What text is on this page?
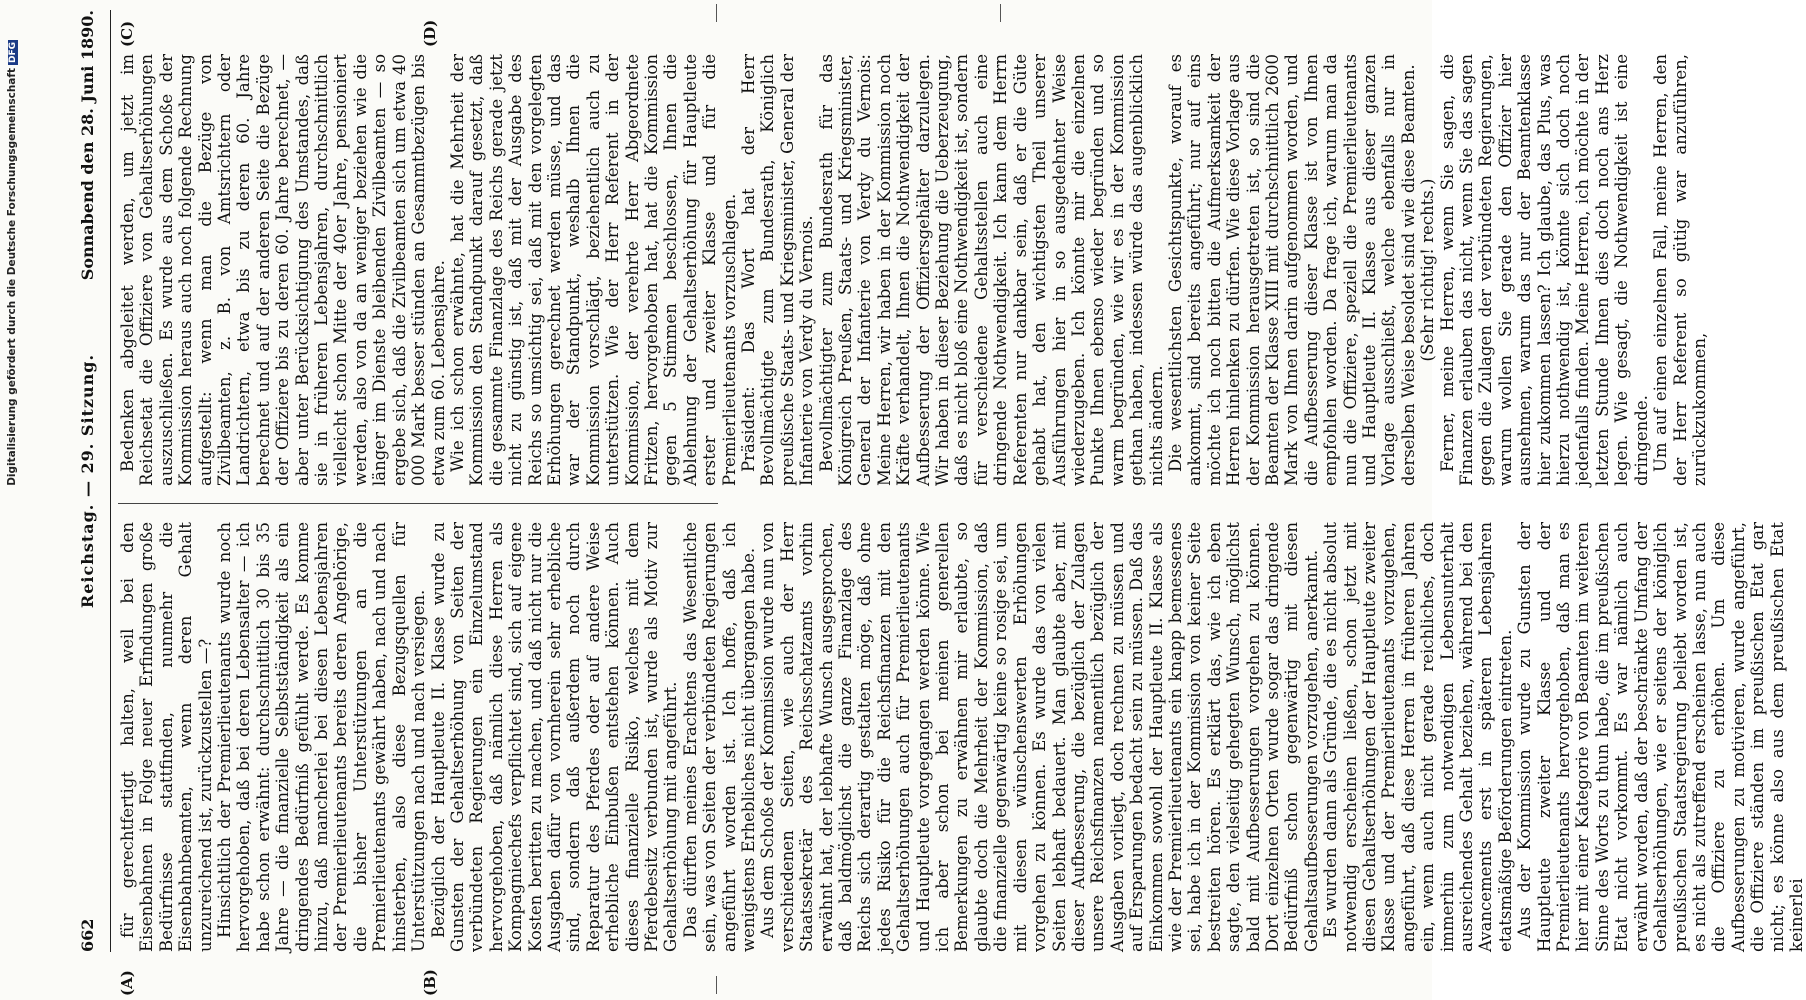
662
Reichstag. — 29. Sitzung.
Sonnabend den 28. Juni 1890.
(A)	(B)
(C)	(D)

für gerechtfertigt halten, weil bei den Eisenbahnen in Folge neuer Erfindungen große Bedürfnisse stattfinden, nunmehr die Eisenbahnbeamten, wenn deren Gehalt unzureichend ist, zurückzustellen —? Hinsichtlich der Premierlieutenants wurde noch hervorgehoben, daß bei deren Lebensalter — ich habe schon erwähnt: durchschnittlich 30 bis 35 Jahre — die finanzielle Selbstständigkeit als ein dringendes Bedürfniß gefühlt werde. Es komme hinzu, daß mancherlei bei diesen Lebensjahren der Premierlieutenants bereits deren Angehörige, die bisher Unterstützungen an die Premierlieutenants gewährt haben, nach und nach hinsterben, also diese Bezugsquellen für Unterstützungen nach und nach versiegen. Bezüglich der Hauptleute II. Klasse wurde zu Gunsten der Gehaltserhöhung von Seiten der verbündeten Regierungen ein Einzelumstand hervorgehoben, daß nämlich diese Herren als Kompagniechefs verpflichtet sind, sich auf eigene Kosten beritten zu machen, und daß nicht nur die Ausgaben dafür von vornherein sehr erhebliche sind, sondern daß außerdem noch durch Reparatur des Pferdes oder auf andere Weise erhebliche Einbußen entstehen können. Auch dieses finanzielle Risiko, welches mit dem Pferdebesitz verbunden ist, wurde als Motiv zur Gehaltserhöhung mit angeführt. Das dürften meines Erachtens das Wesentliche sein, was von Seiten der verbündeten Regierungen angeführt worden ist. Ich hoffe, daß ich wenigstens Erhebliches nicht übergangen habe. Aus dem Schoße der Kommission wurde nun von verschiedenen Seiten, wie auch der Herr Staatssekretär des Reichsschatzamts vorhin erwähnt hat, der lebhafte Wunsch ausgesprochen, daß baldmöglichst die ganze Finanzlage des Reichs sich derartig gestalten möge, daß ohne jedes Risiko für die Reichsfinanzen mit den Gehaltserhöhungen auch für Premierlieutenants und Hauptleute vorgegangen werden könne. Wie ich aber schon bei meinen generellen Bemerkungen zu erwähnen mir erlaubte, so glaubte doch die Mehrheit der Kommission, daß die finanzielle gegenwärtig keine so rosige sei, um mit diesen wünschenswerten Erhöhungen vorgehen zu können. Es wurde das von vielen Seiten lebhaft bedauert. Man glaubte aber, mit dieser Aufbesserung, die bezüglich der Zulagen unsere Reichsfinanzen namentlich bezüglich der Ausgaben vorliegt, doch rechnen zu müssen und auf Ersparungen bedacht sein zu müssen. Daß das Einkommen sowohl der Hauptleute II. Klasse als wie der Premierlieutenants ein knapp bemessenes sei, habe ich in der Kommission von keiner Seite bestreiten hören. Es erklärt das, wie ich eben sagte, den vielseitig gehegten Wunsch, möglichst bald mit Aufbesserungen vorgehen zu können. Dort einzelnen Orten wurde sogar das dringende Bedürfniß schon gegenwärtig mit diesen Gehaltsaufbesserungen vorzugehen, anerkannt. Es wurden dann als Gründe, die es nicht absolut notwendig erscheinen ließen, schon jetzt mit diesen Gehaltserhöhungen der Hauptleute zweiter Klasse und der Premierlieutenants vorzugehen, angeführt, daß diese Herren in früheren Jahren ein, wenn auch nicht gerade reichliches, doch immerhin zum notwendigen Lebensunterhalt ausreichendes Gehalt beziehen, während bei den Avancements erst in späteren Lebensjahren etatsmäßige Beförderungen eintreten. Aus der Kommission wurde zu Gunsten der Hauptleute zweiter Klasse und der Premierlieutenants hervorgehoben, daß man es hier mit einer Kategorie von Beamten im weiteren Sinne des Worts zu thun habe, die im preußischen Etat nicht vorkommt. Es war nämlich auch erwähnt worden, daß der beschränkte Umfang der Gehaltserhöhungen, wie er seitens der königlich preußischen Staatsregierung beliebt worden ist, es nicht als zutreffend erscheinen lasse, nun auch die Offiziere zu erhöhen. Um diese Aufbesserungen zu motivieren, wurde angeführt, die Offiziere ständen im preußischen Etat gar nicht; es könne also aus dem preußischen Etat keinerlei

Bedenken abgeleitet werden, um jetzt im Reichsetat die Offiziere von Gehaltserhöhungen auszuschließen. Es wurde aus dem Schoße der Kommission heraus auch noch folgende Rechnung aufgestellt: wenn man die Bezüge von Zivilbeamten, z. B. von Amtsrichtern oder Landrichtern, etwa bis zu deren 60. Jahre berechnet und auf der anderen Seite die Bezüge der Offiziere bis zu deren 60. Jahre berechnet, — aber unter Berücksichtigung des Umstandes, daß sie in früheren Lebensjahren, durchschnittlich vielleicht schon Mitte der 40er Jahre, pensioniert werden, also von da an weniger beziehen wie die länger im Dienste bleibenden Zivilbeamten — so ergebe sich, daß die Zivilbeamten sich um etwa 40 000 Mark besser stünden an Gesammtbezügen bis etwa zum 60. Lebensjahre. Wie ich schon erwähnte, hat die Mehrheit der Kommission den Standpunkt darauf gesetzt, daß die gesammte Finanzlage des Reichs gerade jetzt nicht zu günstig ist, daß mit der Ausgabe des Reichs so umsichtig sei, daß mit den vorgelegten Erhöhungen gerechnet werden müsse, und das war der Standpunkt, weshalb Ihnen die Kommission vorschlägt, beziehentlich auch zu unterstützen. Wie der Herr Referent in der Kommission, der verehrte Herr Abgeordnete Fritzen, hervorgehoben hat, hat die Kommission gegen 5 Stimmen beschlossen, Ihnen die Ablehnung der Gehaltserhöhung für Hauptleute erster und zweiter Klasse und für die Premierlieutenants vorzuschlagen. Präsident: Das Wort hat der Herr Bevollmächtigte zum Bundesrath, Königlich preußische Staats- und Kriegsminister, General der Infanterie von Verdy du Vernois. Bevollmächtigter zum Bundesrath für das Königreich Preußen, Staats- und Kriegsminister, General der Infanterie von Verdy du Vernois: Meine Herren, wir haben in der Kommission noch Kräfte verhandelt, Ihnen die Nothwendigkeit der Aufbesserung der Offiziersgehälter darzulegen. Wir haben in dieser Beziehung die Ueberzeugung, daß es nicht bloß eine Nothwendigkeit ist, sondern für verschiedene Gehaltsstellen auch eine dringende Nothwendigkeit. Ich kann dem Herrn Referenten nur dankbar sein, daß er die Güte gehabt hat, den wichtigsten Theil unserer Ausführungen hier in so ausgedehnter Weise wiederzugeben. Ich könnte mir die einzelnen Punkte Ihnen ebenso wieder begründen und so warm begründen, wie wir es in der Kommission gethan haben, indessen würde das augenblicklich nichts ändern. Die wesentlichsten Gesichtspunkte, worauf es ankommt, sind bereits angeführt; nur auf eins möchte ich noch bitten die Aufmerksamkeit der Herren hinlenken zu dürfen. Wie diese Vorlage aus der Kommission herausgetreten ist, so sind die Beamten der Klasse XIII mit durchschnittlich 2600 Mark von Ihnen darin aufgenommen worden, und die Aufbesserung dieser Klasse ist von Ihnen empfohlen worden. Da frage ich, warum man da nun die Offiziere, speziell die Premierlieutenants und Hauptleute II. Klasse aus dieser ganzen Vorlage ausschließt, welche ebenfalls nur in derselben Weise besoldet sind wie diese Beamten. (Sehr richtig! rechts.) Ferner, meine Herren, wenn Sie sagen, die Finanzen erlauben das nicht, wenn Sie das sagen gegen die Zulagen der verbündeten Regierungen, warum wollen Sie gerade den Offizier hier ausnehmen, warum das nur der Beamtenklasse hier zukommen lassen? Ich glaube, das Plus, was hierzu nothwendig ist, könnte sich doch noch jedenfalls finden. Meine Herren, ich möchte in der letzten Stunde Ihnen dies doch noch ans Herz legen. Wie gesagt, die Nothwendigkeit ist eine dringende. Um auf einen einzelnen Fall, meine Herren, den der Herr Referent so gütig war anzuführen, zurückzukommen,

Digitalisierung gefördert durch die Deutsche ForschungsgemeinschaftDFG
